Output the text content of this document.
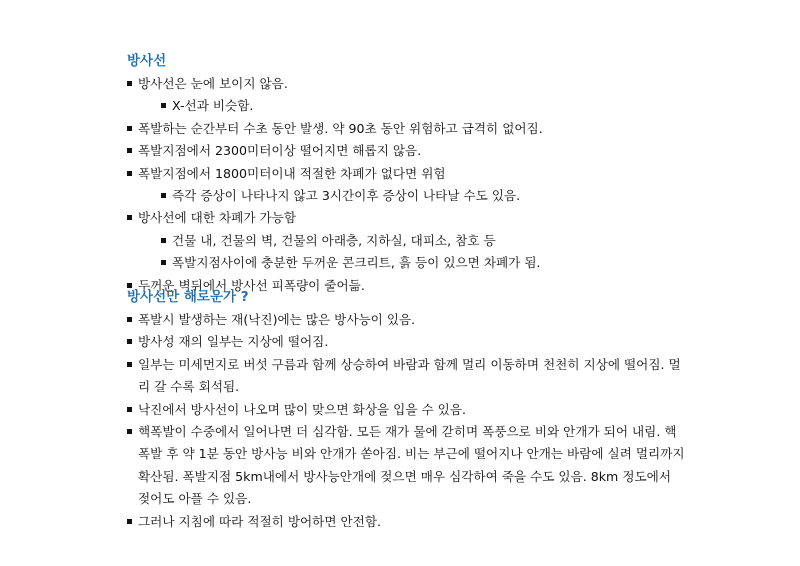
방사선
방사선은 눈에 보이지 않음.
X-선과 비슷함.
폭발하는 순간부터 수초 동안 발생. 약 90초 동안 위험하고 급격히 없어짐.
폭발지점에서 2300미터이상 떨어지면 해롭지 않음.
폭발지점에서 1800미터이내 적절한 차폐가 없다면 위험
즉각 증상이 나타나지 않고 3시간이후 증상이 나타날 수도 있음.
방사선에 대한 차폐가 가능함
건물 내, 건물의 벽, 건물의 아래층, 지하실, 대피소, 참호 등
폭발지점사이에 충분한 두꺼운 콘크리트, 흙 등이 있으면 차폐가 됨.
두꺼운 벽뒤에서 방사선 피폭량이 줄어듦.
방사선만 해로운가 ?
폭발시 발생하는 재(낙진)에는 많은 방사능이 있음.
방사성 재의 일부는 지상에 떨어짐.
일부는 미세먼지로 버섯 구름과 함께 상승하여 바람과 함께 멀리 이동하며 천천히 지상에 떨어짐. 멀리 갈 수록 회석됨.
낙진에서 방사선이 나오며 많이 맞으면 화상을 입을 수 있음.
핵폭발이 수중에서 일어나면 더 심각함. 모든 재가 물에 갇히며 폭풍으로 비와 안개가 되어 내림. 핵폭발 후 약 1분 동안 방사능 비와 안개가 쏟아짐. 비는 부근에 떨어지나 안개는 바람에 실려 멀리까지 확산됨. 폭발지점 5km내에서 방사능안개에 젖으면 매우 심각하여 죽을 수도 있음. 8km 정도에서 젖어도 아플 수 있음.
그러나 지침에 따라 적절히 방어하면 안전함.
